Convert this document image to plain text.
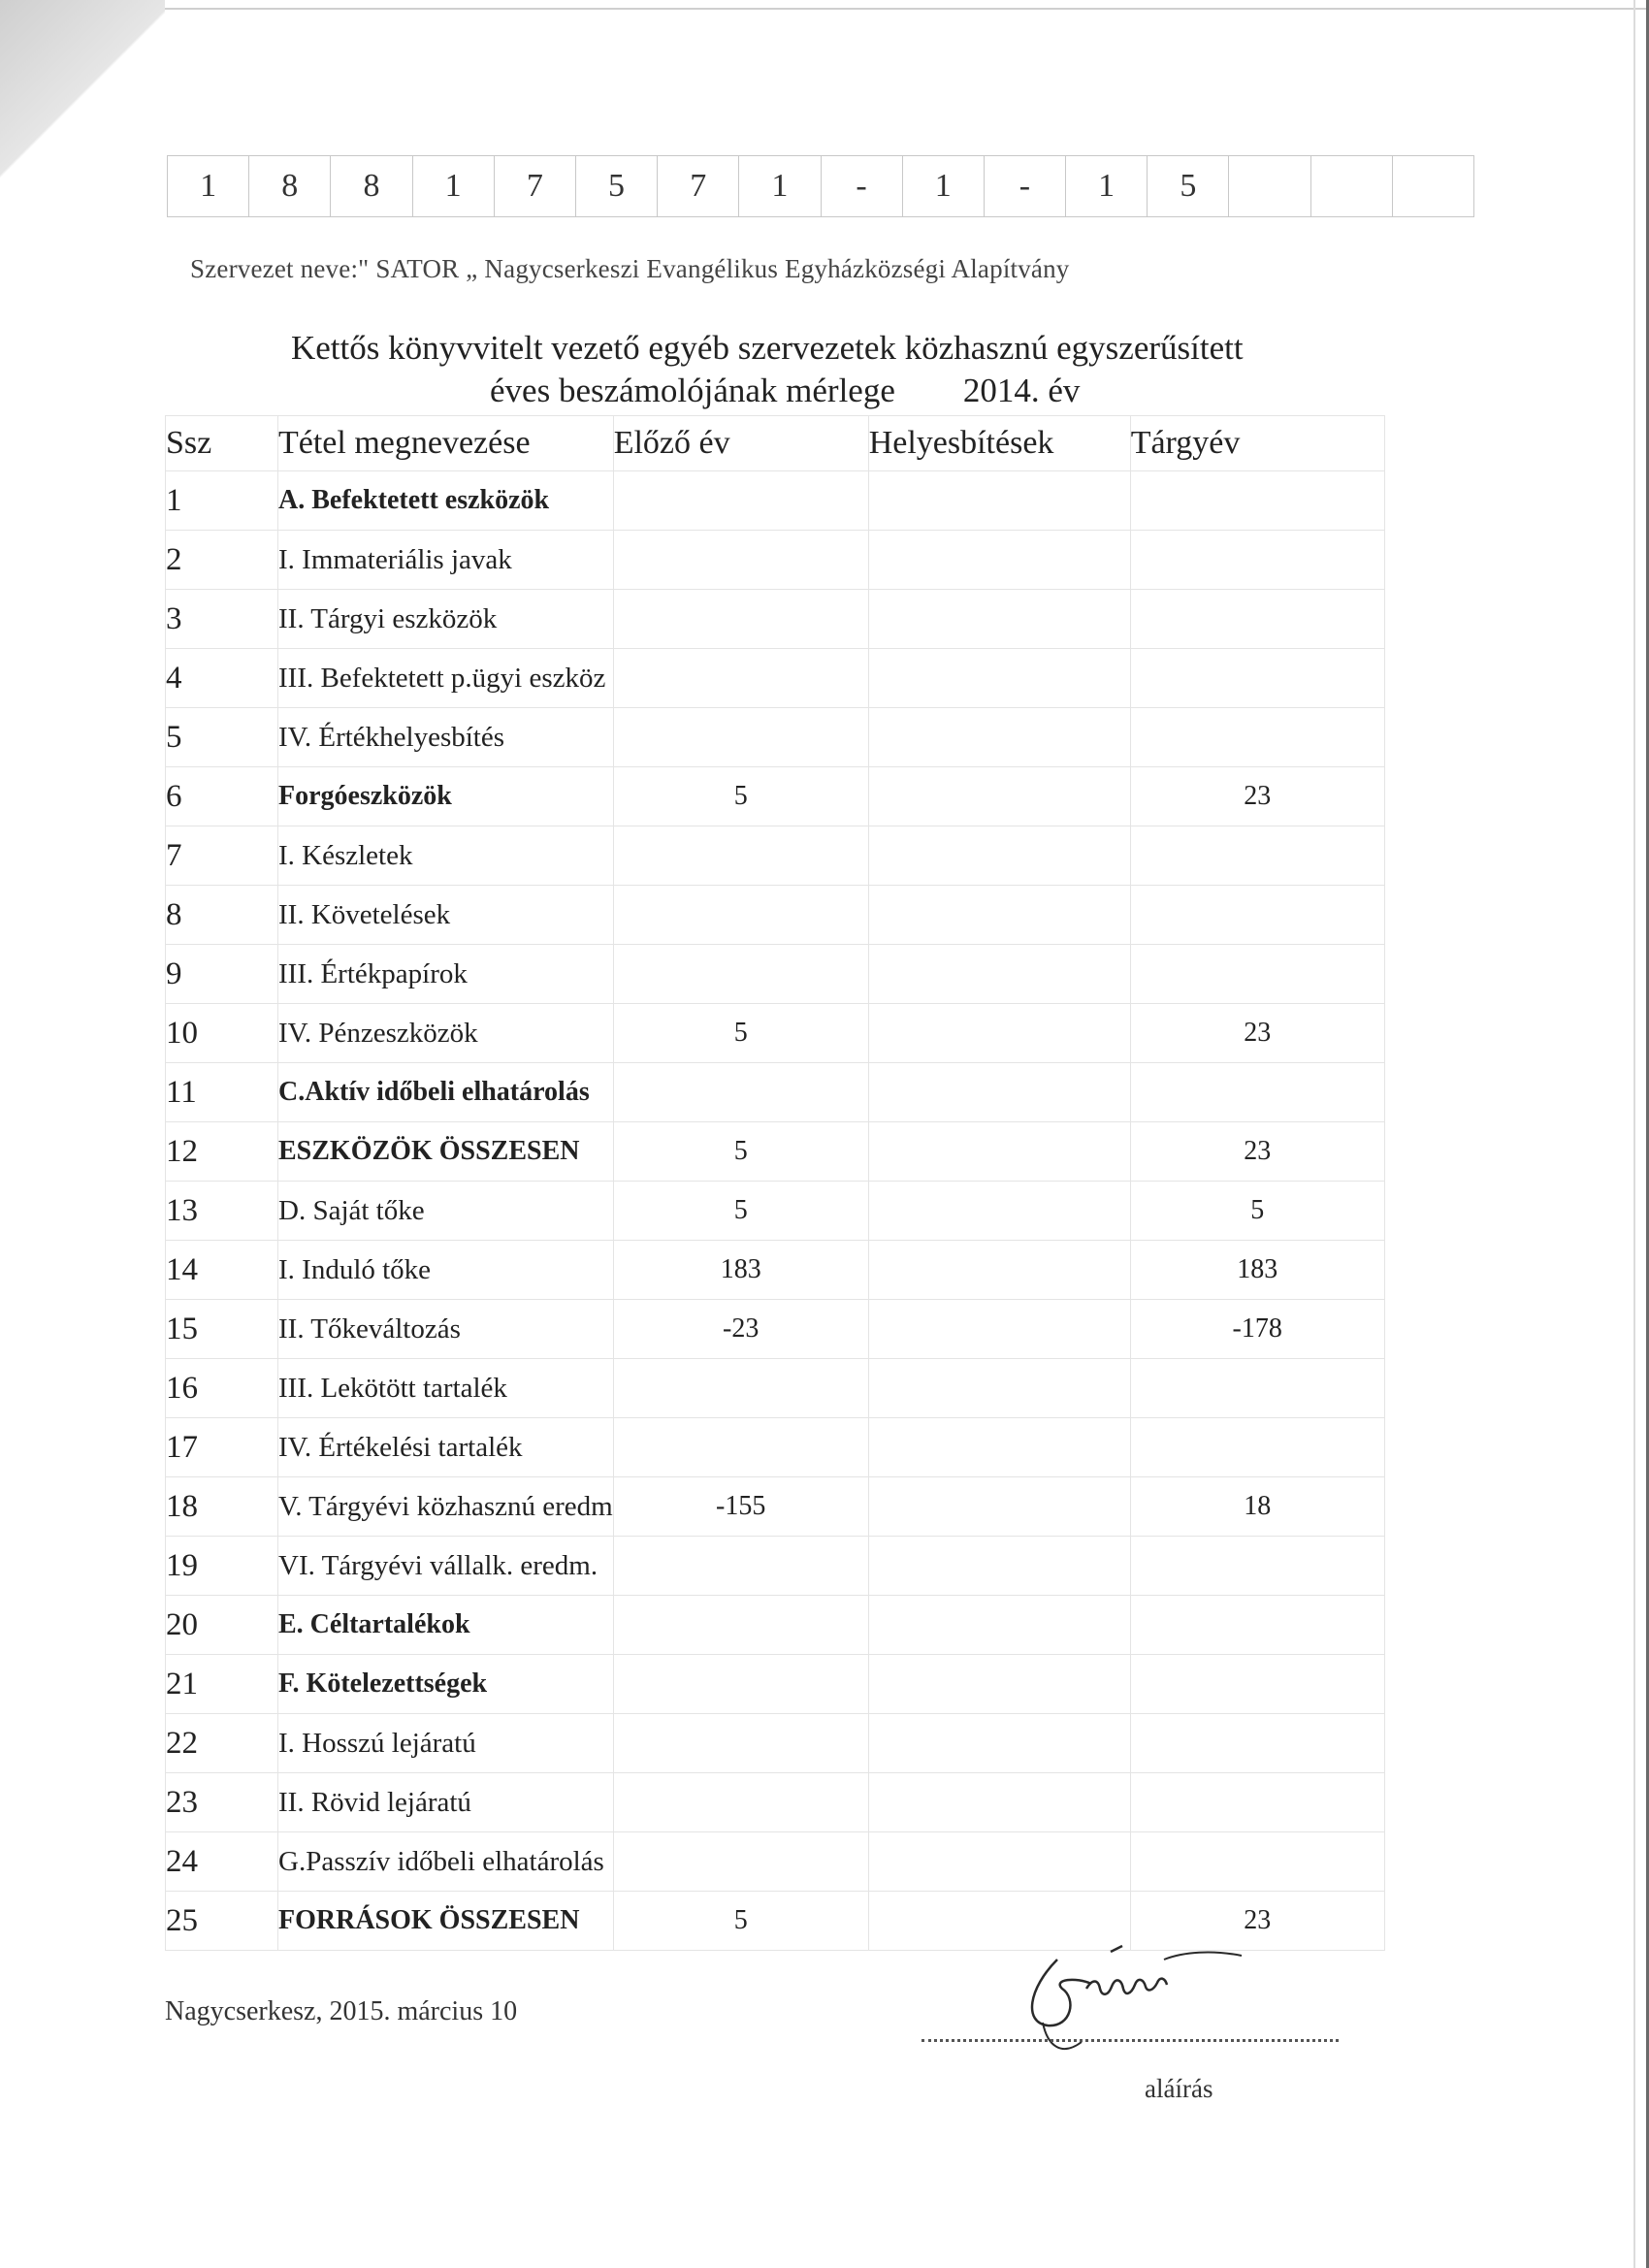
1	8	8	1	7	5	7	1	-	1	-	1	5
Szervezet neve:" SATOR „ Nagycserkeszi Evangélikus Egyházközségi Alapítvány
Kettős könyvvitelt vezető egyéb szervezetek közhasznú egyszerűsített
éves beszámolójának mérlege 2014. év
Ssz	Tétel megnevezése	Előző év	Helyesbítések	Tárgyév
1	A. Befektetett eszközök			
2	I. Immateriális javak			
3	II. Tárgyi eszközök			
4	III. Befektetett p.ügyi eszköz			
5	IV. Értékhelyesbítés			
6	Forgóeszközök	5		23
7	I. Készletek			
8	II. Követelések			
9	III. Értékpapírok			
10	IV. Pénzeszközök	5		23
11	C.Aktív időbeli elhatárolás			
12	ESZKÖZÖK ÖSSZESEN	5		23
13	D. Saját tőke	5		5
14	I. Induló tőke	183		183
15	II. Tőkeváltozás	-23		-178
16	III. Lekötött tartalék			
17	IV. Értékelési tartalék			
18	V. Tárgyévi közhasznú eredm	-155		18
19	VI. Tárgyévi vállalk. eredm.			
20	E. Céltartalékok			
21	F. Kötelezettségek			
22	I. Hosszú lejáratú			
23	II. Rövid lejáratú			
24	G.Passzív időbeli elhatárolás			
25	FORRÁSOK ÖSSZESEN	5		23
Nagycserkesz, 2015. március 10
aláírás
